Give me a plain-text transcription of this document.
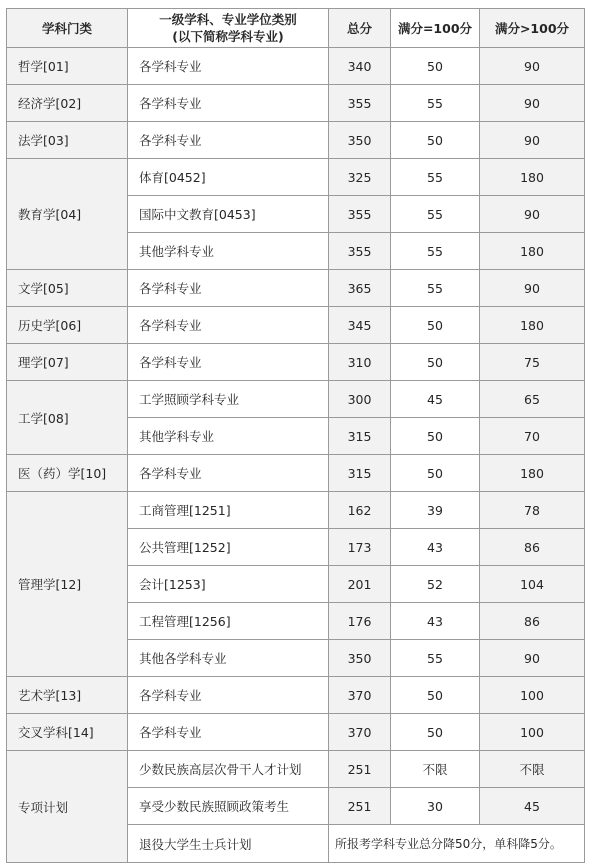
学科门类	一级学科、专业学位类别
(以下简称学科专业)	总分	满分=100分	满分>100分
哲学[01]	各学科专业	340	50	90
经济学[02]	各学科专业	355	55	90
法学[03]	各学科专业	350	50	90
教育学[04]	体育[0452]	325	55	180
	国际中文教育[0453]	355	55	90
	其他学科专业	355	55	180
文学[05]	各学科专业	365	55	90
历史学[06]	各学科专业	345	50	180
理学[07]	各学科专业	310	50	75
工学[08]	工学照顾学科专业	300	45	65
	其他学科专业	315	50	70
医（药）学[10]	各学科专业	315	50	180
管理学[12]	工商管理[1251]	162	39	78
	公共管理[1252]	173	43	86
	会计[1253]	201	52	104
	工程管理[1256]	176	43	86
	其他各学科专业	350	55	90
艺术学[13]	各学科专业	370	50	100
交叉学科[14]	各学科专业	370	50	100
专项计划	少数民族高层次骨干人才计划	251	不限	不限
	享受少数民族照顾政策考生	251	30	45
	退役大学生士兵计划	所报考学科专业总分降50分，单科降5分。		
